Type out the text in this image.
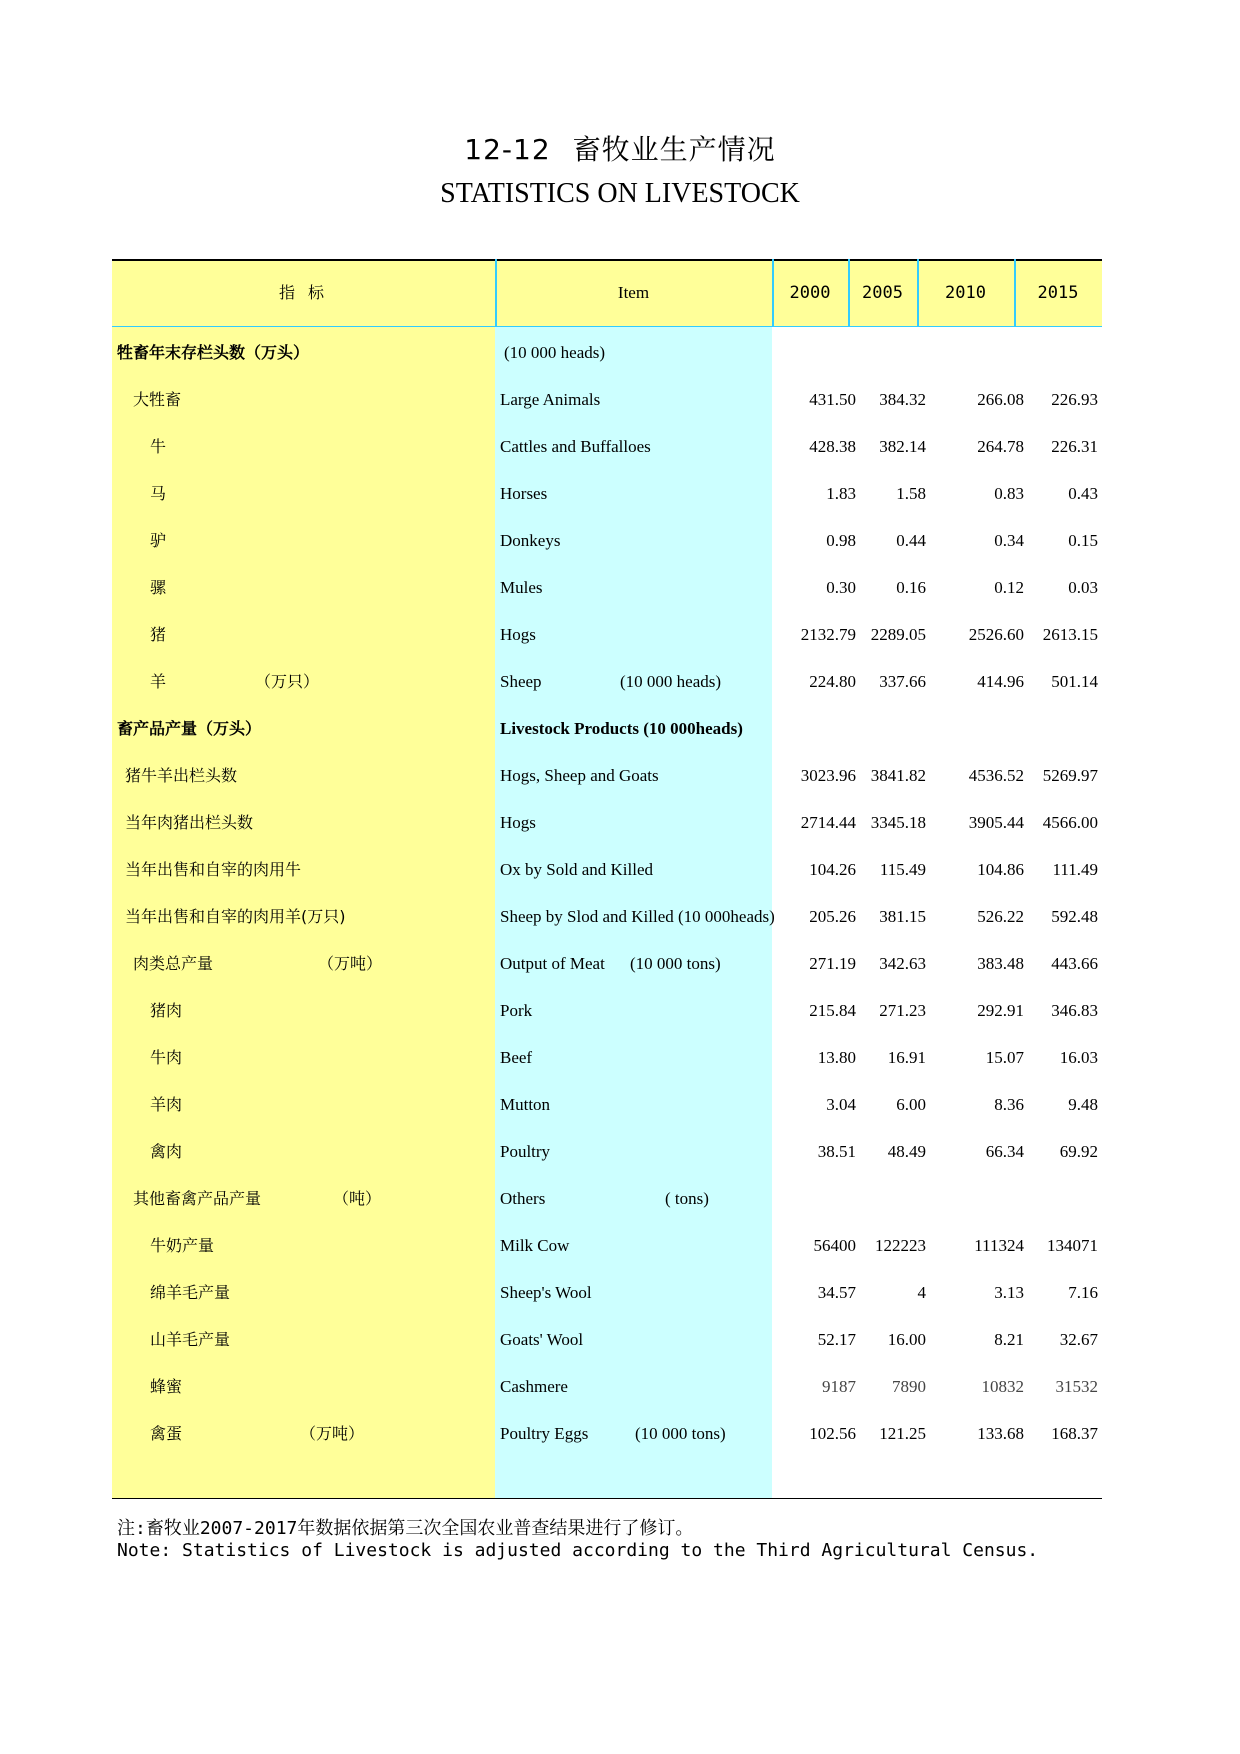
12-12 畜牧业生产情况
STATISTICS ON LIVESTOCK
指 标	Item	2000	2005	2010	2015
牲畜年末存栏头数（万头）	(10 000 heads)
大牲畜	Large Animals	431.50	384.32	266.08	226.93
牛	Cattles and Buffalloes	428.38	382.14	264.78	226.31
马	Horses	1.83	1.58	0.83	0.43
驴	Donkeys	0.98	0.44	0.34	0.15
骡	Mules	0.30	0.16	0.12	0.03
猪	Hogs	2132.79 2289.05	2526.60	2613.15
羊	（万只）	Sheep	(10 000 heads)	224.80	337.66	414.96	501.14
畜产品产量（万头）	Livestock Products (10 000heads)
猪牛羊出栏头数	Hogs, Sheep and Goats	3023.96 3841.82	4536.52	5269.97
当年肉猪出栏头数	Hogs	2714.44 3345.18	3905.44	4566.00
当年出售和自宰的肉用牛	Ox by Sold and Killed	104.26	115.49	104.86	111.49
当年出售和自宰的肉用羊(万只)	Sheep by Slod and Killed (10 000heads)	205.26	381.15	526.22	592.48
肉类总产量	（万吨）	Output of Meat (10 000 tons)	271.19	342.63	383.48	443.66
猪肉	Pork	215.84	271.23	292.91	346.83
牛肉	Beef	13.80	16.91	15.07	16.03
羊肉	Mutton	3.04	6.00	8.36	9.48
禽肉	Poultry	38.51	48.49	66.34	69.92
其他畜禽产品产量	（吨）	Others	( tons)
牛奶产量	Milk Cow	56400	122223	111324	134071
绵羊毛产量	Sheep's Wool	34.57	4	3.13	7.16
山羊毛产量	Goats' Wool	52.17	16.00	8.21	32.67
蜂蜜	Cashmere	9187	7890	10832	31532
禽蛋	（万吨）	Poultry Eggs	(10 000 tons)	102.56	121.25	133.68	168.37
注:畜牧业2007-2017年数据依据第三次全国农业普查结果进行了修订。
Note: Statistics of Livestock is adjusted according to the Third Agricultural Census.
